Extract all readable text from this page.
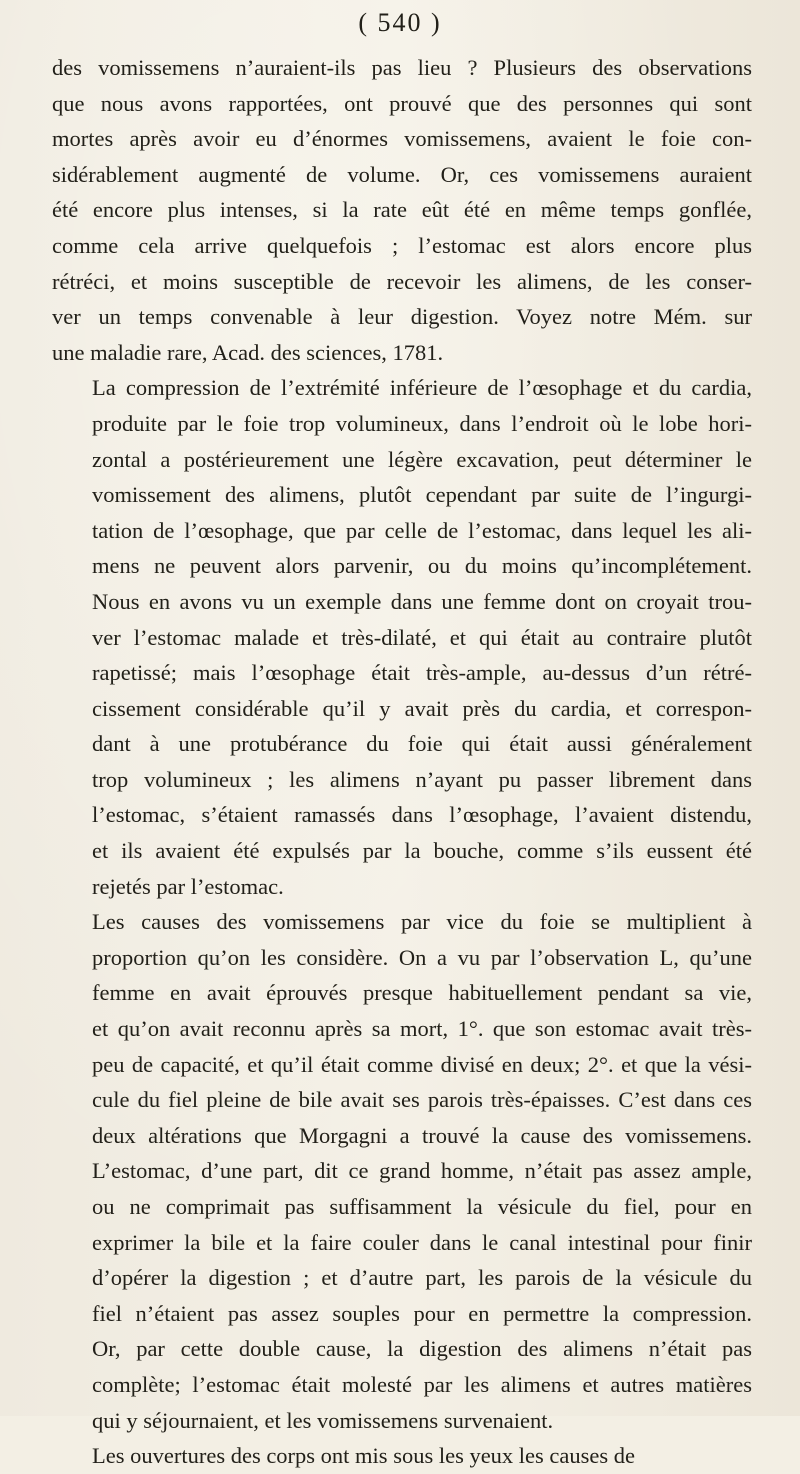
( 540 )

des vomissemens n’auraient-ils pas lieu ? Plusieurs des observations
que nous avons rapportées, ont prouvé que des personnes qui sont
mortes après avoir eu d’énormes vomissemens, avaient le foie con-
sidérablement augmenté de volume. Or, ces vomissemens auraient
été encore plus intenses, si la rate eût été en même temps gonflée,
comme cela arrive quelquefois ; l’estomac est alors encore plus
rétréci, et moins susceptible de recevoir les alimens, de les conser-
ver un temps convenable à leur digestion. Voyez notre Mém. sur
une maladie rare, Acad. des sciences, 1781.

La compression de l’extrémité inférieure de l’œsophage et du cardia,
produite par le foie trop volumineux, dans l’endroit où le lobe hori-
zontal a postérieurement une légère excavation, peut déterminer le
vomissement des alimens, plutôt cependant par suite de l’ingurgi-
tation de l’œsophage, que par celle de l’estomac, dans lequel les ali-
mens ne peuvent alors parvenir, ou du moins qu’incomplétement.
Nous en avons vu un exemple dans une femme dont on croyait trou-
ver l’estomac malade et très-dilaté, et qui était au contraire plutôt
rapetissé; mais l’œsophage était très-ample, au-dessus d’un rétré-
cissement considérable qu’il y avait près du cardia, et correspon-
dant à une protubérance du foie qui était aussi généralement
trop volumineux ; les alimens n’ayant pu passer librement dans
l’estomac, s’étaient ramassés dans l’œsophage, l’avaient distendu,
et ils avaient été expulsés par la bouche, comme s’ils eussent été
rejetés par l’estomac.

Les causes des vomissemens par vice du foie se multiplient à
proportion qu’on les considère. On a vu par l’observation L, qu’une
femme en avait éprouvés presque habituellement pendant sa vie,
et qu’on avait reconnu après sa mort, 1°. que son estomac avait très-
peu de capacité, et qu’il était comme divisé en deux; 2°. et que la vési-
cule du fiel pleine de bile avait ses parois très-épaisses. C’est dans ces
deux altérations que Morgagni a trouvé la cause des vomissemens.
L’estomac, d’une part, dit ce grand homme, n’était pas assez ample,
ou ne comprimait pas suffisamment la vésicule du fiel, pour en
exprimer la bile et la faire couler dans le canal intestinal pour finir
d’opérer la digestion ; et d’autre part, les parois de la vésicule du
fiel n’étaient pas assez souples pour en permettre la compression.
Or, par cette double cause, la digestion des alimens n’était pas
complète; l’estomac était molesté par les alimens et autres matières
qui y séjournaient, et les vomissemens survenaient.

Les ouvertures des corps ont mis sous les yeux les causes de
